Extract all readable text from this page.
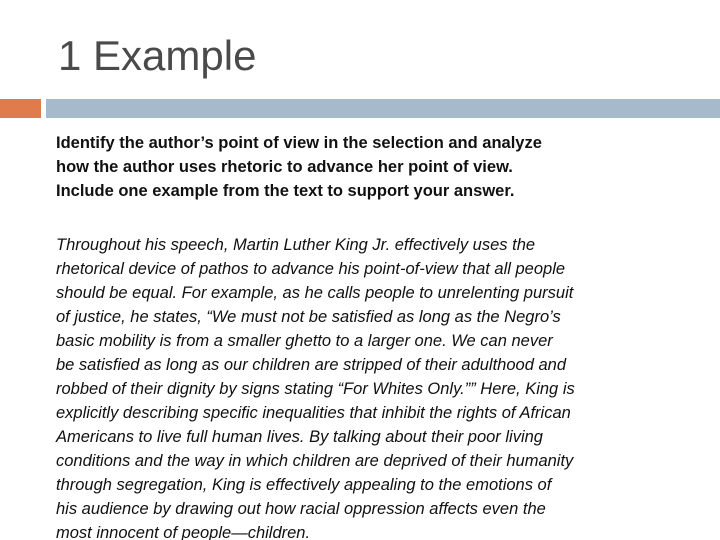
1 Example

Identify the author’s point of view in the selection and analyze
how the author uses rhetoric to advance her point of view.
Include one example from the text to support your answer.

Throughout his speech, Martin Luther King Jr. effectively uses the
rhetorical device of pathos to advance his point-of-view that all people
should be equal. For example, as he calls people to unrelenting pursuit
of justice, he states, “We must not be satisfied as long as the Negro’s
basic mobility is from a smaller ghetto to a larger one. We can never
be satisfied as long as our children are stripped of their adulthood and
robbed of their dignity by signs stating “For Whites Only.”” Here, King is
explicitly describing specific inequalities that inhibit the rights of African
Americans to live full human lives. By talking about their poor living
conditions and the way in which children are deprived of their humanity
through segregation, King is effectively appealing to the emotions of
his audience by drawing out how racial oppression affects even the
most innocent of people—children.
